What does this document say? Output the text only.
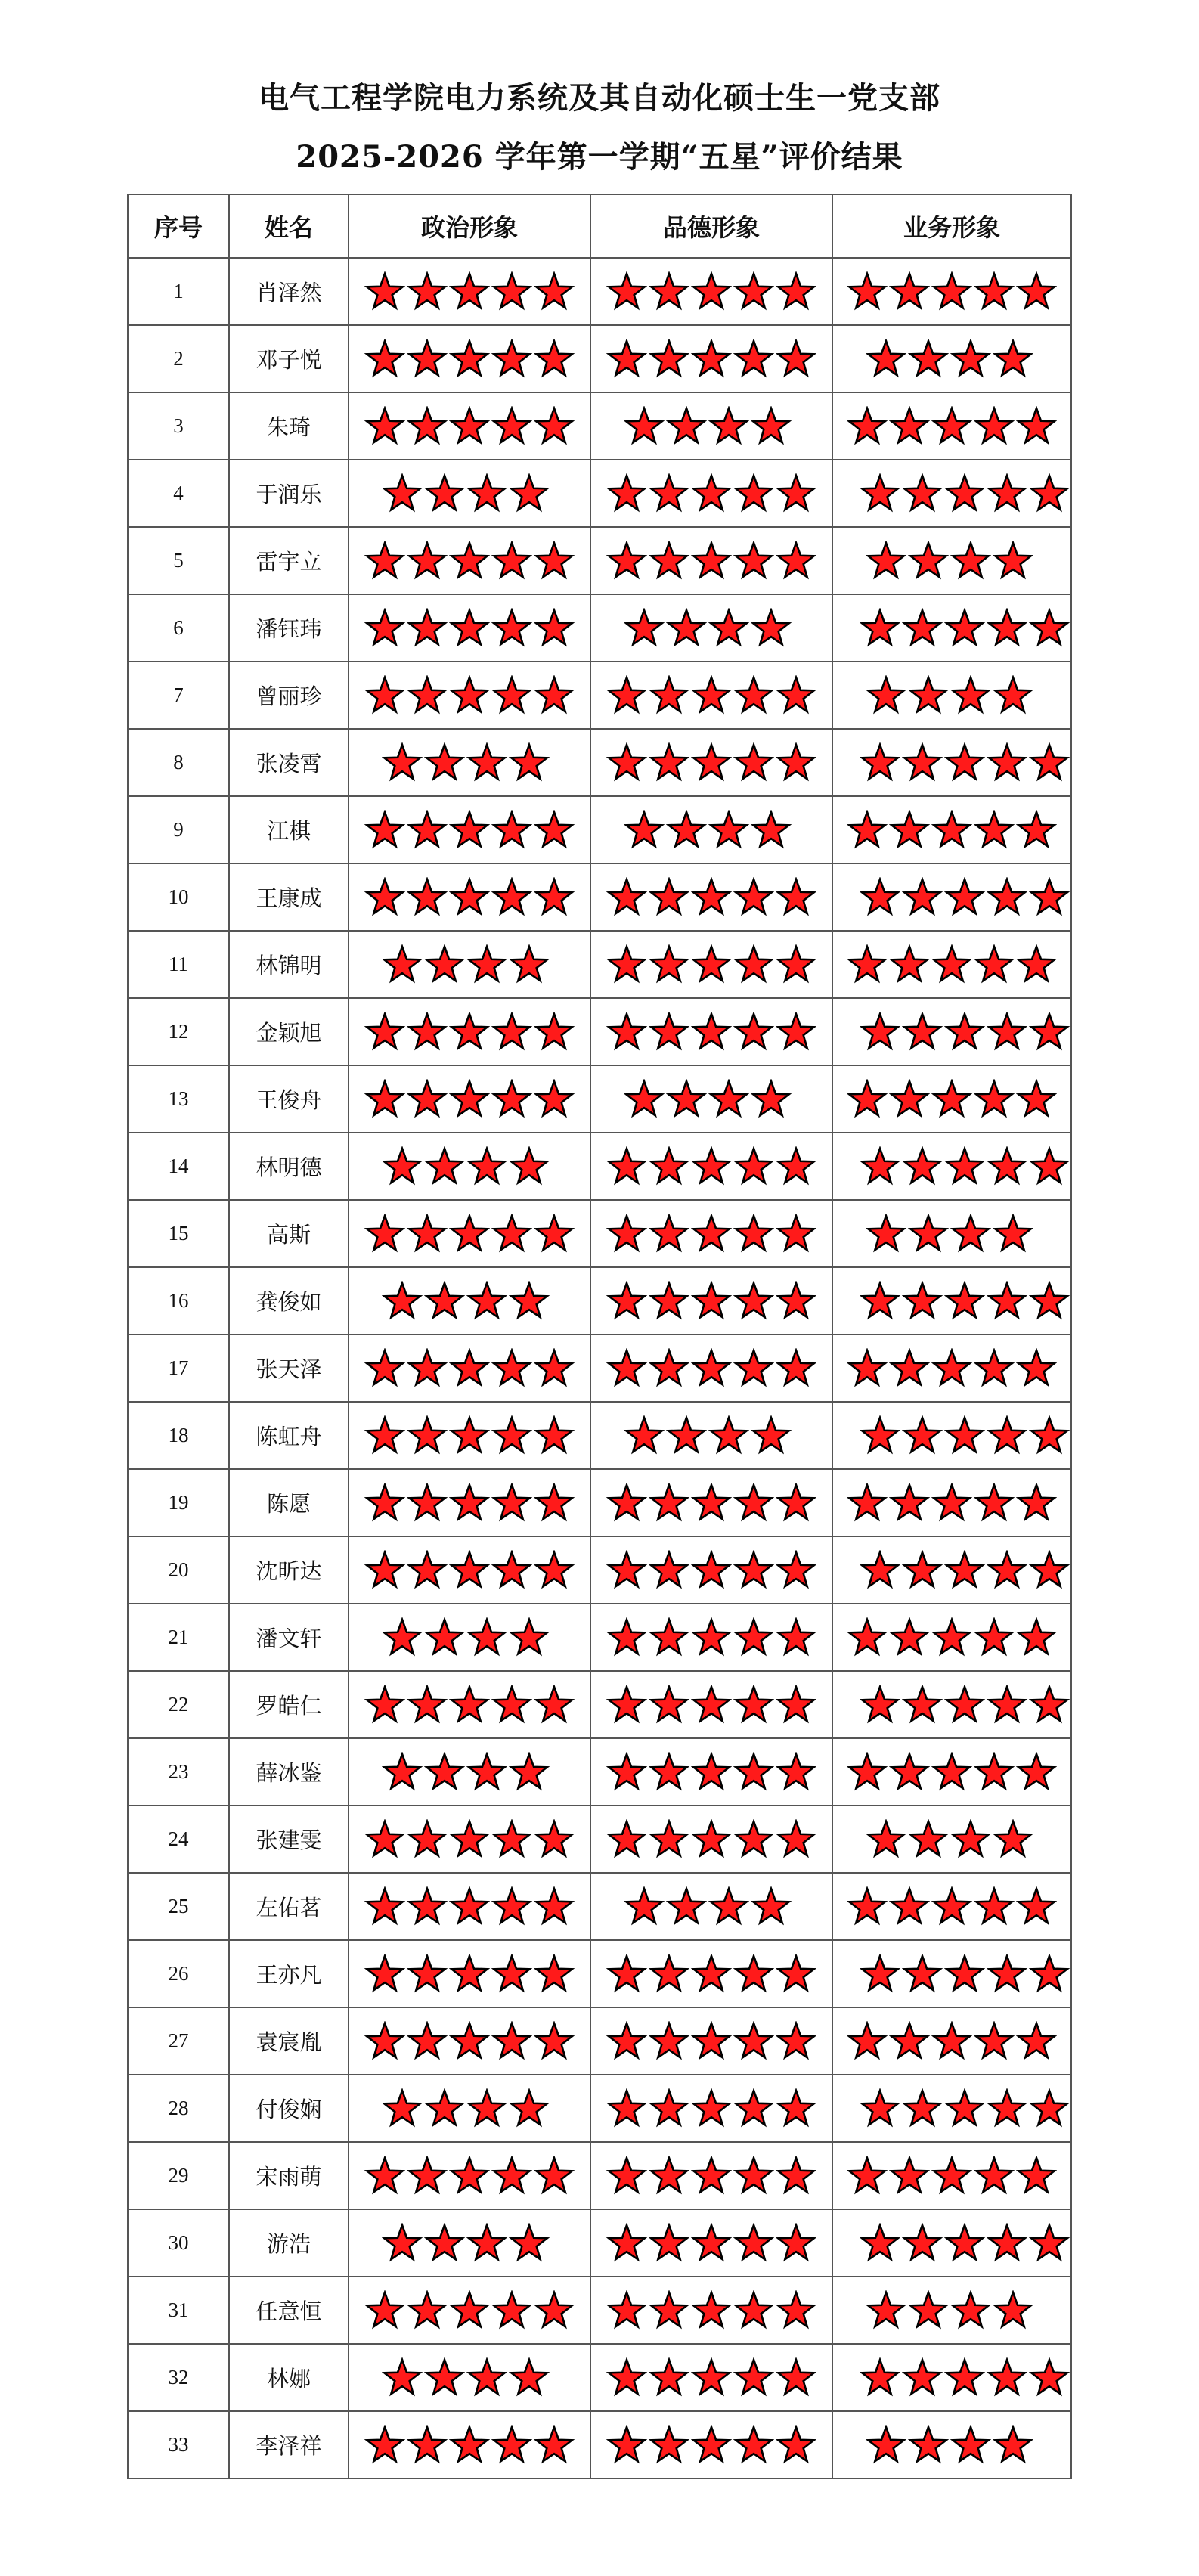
电气工程学院电力系统及其自动化硕士生一党支部
2025-2026 学年第一学期“五星”评价结果
序号	姓名	政治形象	品德形象	业务形象
1	肖泽然	

2	邓子悦	

3	朱琦	

4	于润乐	

5	雷宇立	

6	潘钰玮	

7	曾丽珍	

8	张凌霄	

9	江棋	

10	王康成	

11	林锦明	

12	金颖旭	

13	王俊舟	

14	林明德	

15	高斯	

16	龚俊如	

17	张天泽	

18	陈虹舟	

19	陈愿	

20	沈昕达	

21	潘文轩	

22	罗皓仁	

23	薛冰鉴	

24	张建雯	

25	左佑茗	

26	王亦凡	

27	袁宸胤	

28	付俊娴	

29	宋雨萌	

30	游浩	

31	任意恒	

32	林娜	

33	李泽祥	
